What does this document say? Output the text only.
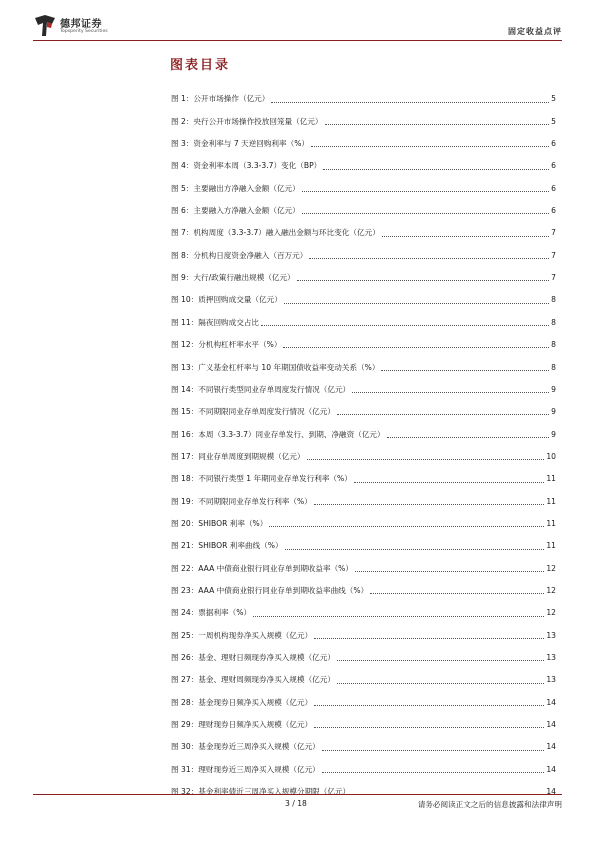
德邦证券
Topsperity Securities	固定收益点评
图表目录
图 1：公开市场操作（亿元）	5
图 2：央行公开市场操作投放回笼量（亿元）	5
图 3：资金利率与 7 天逆回购利率（%）	6
图 4：资金利率本周（3.3-3.7）变化（BP）	6
图 5：主要融出方净融入金额（亿元）	6
图 6：主要融入方净融入金额（亿元）	6
图 7：机构周度（3.3-3.7）融入融出金额与环比变化（亿元）	7
图 8：分机构日度资金净融入（百万元）	7
图 9：大行/政策行融出规模（亿元）	7
图 10：质押回购成交量（亿元）	8
图 11：隔夜回购成交占比	8
图 12：分机构杠杆率水平（%）	8
图 13：广义基金杠杆率与 10 年期国债收益率变动关系（%）	8
图 14：不同银行类型同业存单周度发行情况（亿元）	9
图 15：不同期限同业存单周度发行情况（亿元）	9
图 16：本周（3.3-3.7）同业存单发行、到期、净融资（亿元）	9
图 17：同业存单周度到期规模（亿元）	10
图 18：不同银行类型 1 年期同业存单发行利率（%）	11
图 19：不同期限同业存单发行利率（%）	11
图 20：SHIBOR 利率（%）	11
图 21：SHIBOR 利率曲线（%）	11
图 22：AAA 中债商业银行同业存单到期收益率（%）	12
图 23：AAA 中债商业银行同业存单到期收益率曲线（%）	12
图 24：票据利率（%）	12
图 25：一周机构现券净买入规模（亿元）	13
图 26：基金、理财日频现券净买入规模（亿元）	13
图 27：基金、理财周频现券净买入规模（亿元）	13
图 28：基金现券日频净买入规模（亿元）	14
图 29：理财现券日频净买入规模（亿元）	14
图 30：基金现券近三周净买入规模（亿元）	14
图 31：理财现券近三周净买入规模（亿元）	14
图 32：基金利率债近三周净买入规模分期限（亿元）	14
3 / 18	请务必阅读正文之后的信息披露和法律声明
